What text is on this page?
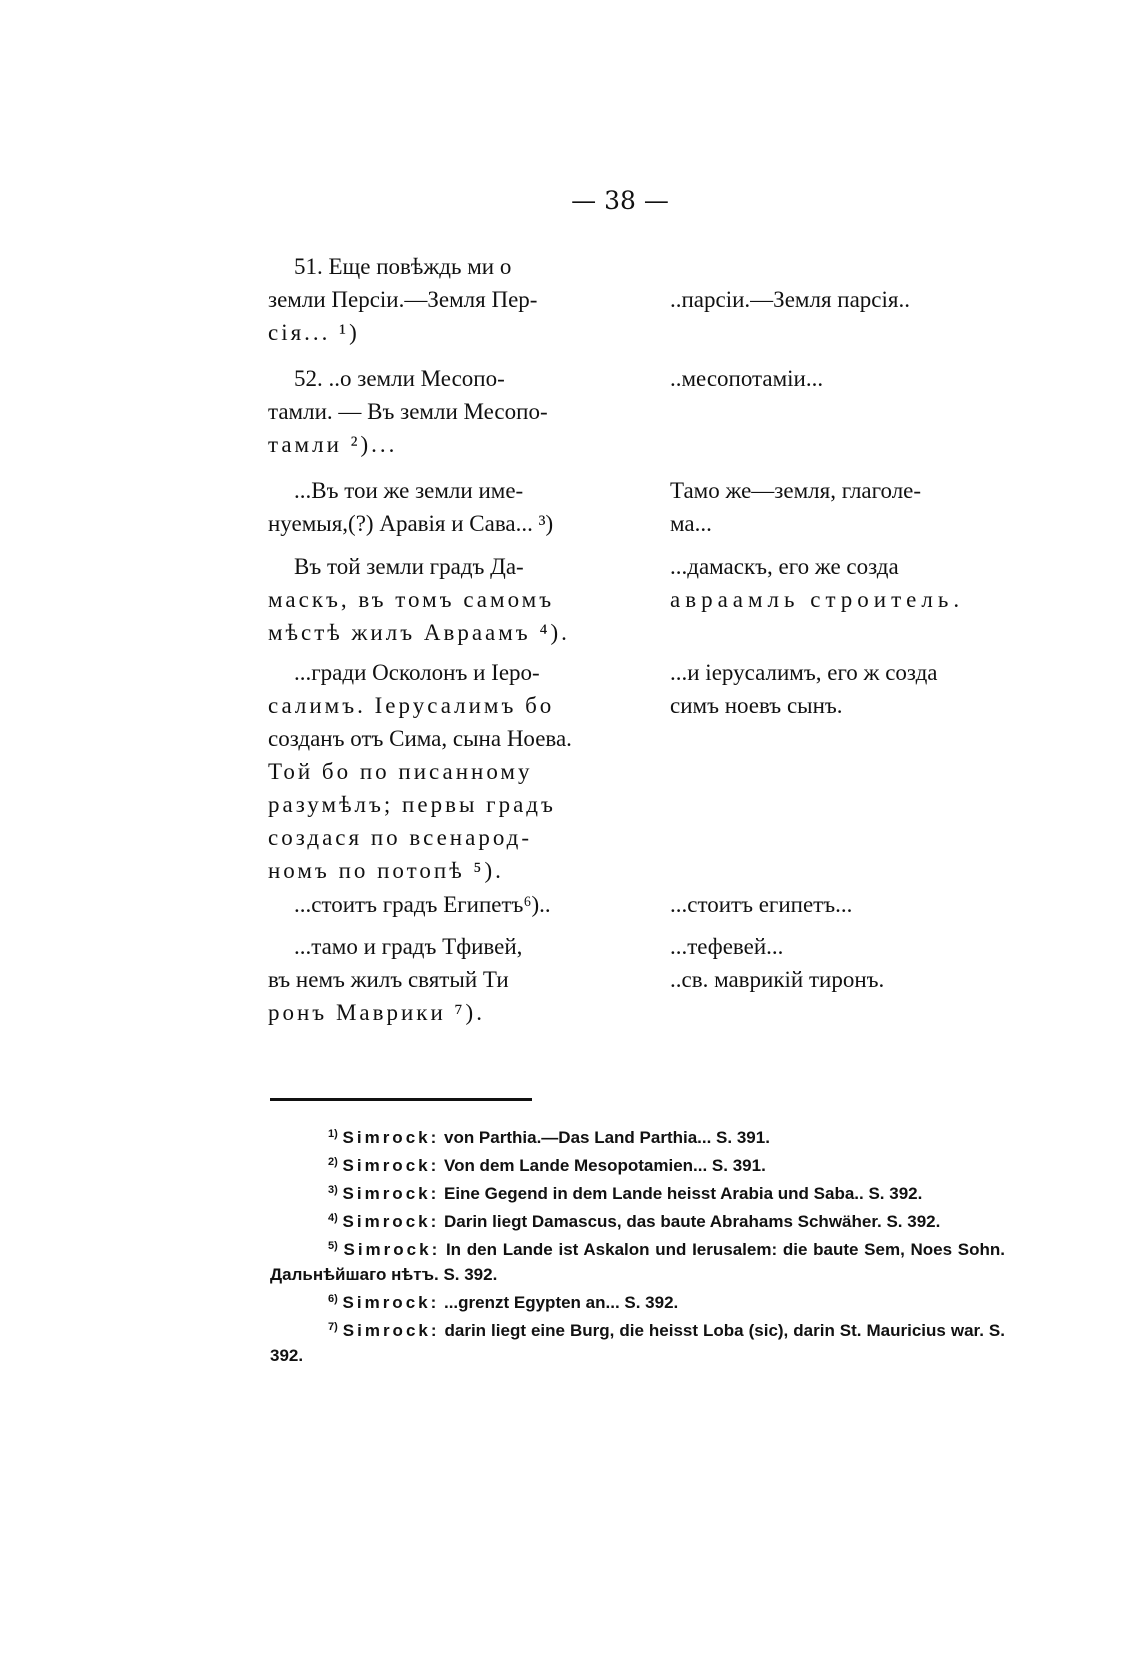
— 38 —
51. Еще повѣждь ми о
земли Персіи.—Земля Пер-
сія... ¹)
..парсіи.—Земля парсія..
52. ..о земли Месопо-
тамли. — Въ земли Месопо-
тамли ²)...
..месопотаміи...
...Въ тои же земли име-
нуемыя,(?) Аравія и Сава... ³)
Тамо же—земля, глаголе-
ма...
Въ той земли градъ Да-
маскъ, въ томъ самомъ
мѣстѣ жилъ Авраамъ ⁴).
...дамаскъ, его же созда
авраамль строитель.
...гради Осколонъ и Іеро-
салимъ. Іерусалимъ бо
созданъ отъ Сима, сына Ноева.
Той бо по писанному
разумѣлъ; первы градъ
создася по всенарод-
номъ по потопѣ ⁵).
...и іерусалимъ, его ж созда
симъ ноевъ сынъ.
...стоитъ градъ Египетъ⁶)..	...стоитъ египетъ...
...тамо и градъ Тфивей,
въ немъ жилъ святый Ти
ронъ Маврики ⁷).
...тефевей...
..св. маврикій тиронъ.
$^{1)}$ Simrock: von Parthia.—Das Land Parthia... S. 391.
$^{2)}$ Simrock: Von dem Lande Mesopotamien... S. 391.
$^{3)}$ Simrock: Eine Gegend in dem Lande heisst Arabia und Saba.. S. 392.
$^{4)}$ Simrock: Darin liegt Damascus, das baute Abrahams Schwäher. S. 392.
$^{5)}$ Simrock: In den Lande ist Askalon und Ierusalem: die baute Sem, Noes Sohn. Дальнѣйшаго нѣтъ. S. 392.
$^{6)}$ Simrock: ...grenzt Egypten an... S. 392.
$^{7)}$ Simrock: darin liegt eine Burg, die heisst Loba (sic), darin St. Mauricius war. S. 392.
